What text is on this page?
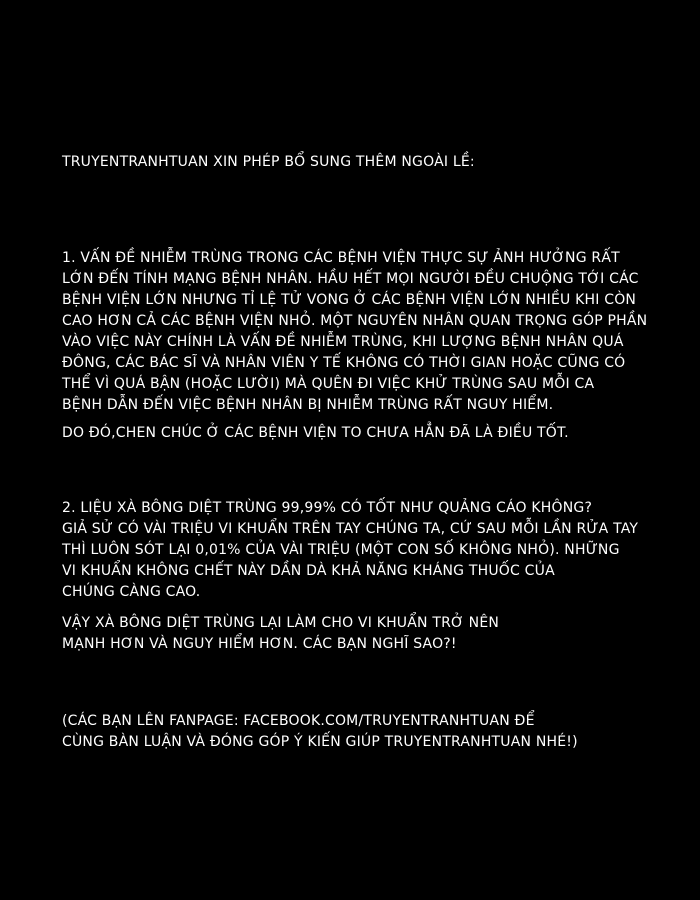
TRUYENTRANHTUAN XIN PHÉP BỔ SUNG THÊM NGOÀI LỀ:
1. VẤN ĐỀ NHIỄM TRÙNG TRONG CÁC BỆNH VIỆN THỰC SỰ ẢNH HƯỞNG RẤT
LỚN ĐẾN TÍNH MẠNG BỆNH NHÂN. HẦU HẾT MỌI NGƯỜI ĐỀU CHUỘNG TỚI CÁC
BỆNH VIỆN LỚN NHƯNG TỈ LỆ TỬ VONG Ở CÁC BỆNH VIỆN LỚN NHIỀU KHI CÒN
CAO HƠN CẢ CÁC BỆNH VIỆN NHỎ. MỘT NGUYÊN NHÂN QUAN TRỌNG GÓP PHẦN
VÀO VIỆC NÀY CHÍNH LÀ VẤN ĐỀ NHIỄM TRÙNG, KHI LƯỢNG BỆNH NHÂN QUÁ
ĐÔNG, CÁC BÁC SĨ VÀ NHÂN VIÊN Y TẾ KHÔNG CÓ THỜI GIAN HOẶC CŨNG CÓ
THỂ VÌ QUÁ BẬN (HOẶC LƯỜI) MÀ QUÊN ĐI VIỆC KHỬ TRÙNG SAU MỖI CA
BỆNH DẪN ĐẾN VIỆC BỆNH NHÂN BỊ NHIỄM TRÙNG RẤT NGUY HIỂM.
DO ĐÓ,CHEN CHÚC Ở CÁC BỆNH VIỆN TO CHƯA HẲN ĐÃ LÀ ĐIỀU TỐT.
2. LIỆU XÀ BÔNG DIỆT TRÙNG 99,99% CÓ TỐT NHƯ QUẢNG CÁO KHÔNG?
GIẢ SỬ CÓ VÀI TRIỆU VI KHUẨN TRÊN TAY CHÚNG TA, CỨ SAU MỖI LẦN RỬA TAY
THÌ LUÔN SÓT LẠI 0,01% CỦA VÀI TRIỆU (MỘT CON SỐ KHÔNG NHỎ). NHỮNG
VI KHUẨN KHÔNG CHẾT NÀY DẦN DÀ KHẢ NĂNG KHÁNG THUỐC CỦA
CHÚNG CÀNG CAO.
VẬY XÀ BÔNG DIỆT TRÙNG LẠI LÀM CHO VI KHUẨN TRỞ NÊN
MẠNH HƠN VÀ NGUY HIỂM HƠN. CÁC BẠN NGHĨ SAO?!
(CÁC BẠN LÊN FANPAGE: FACEBOOK.COM/TRUYENTRANHTUAN ĐỂ
CÙNG BÀN LUẬN VÀ ĐÓNG GÓP Ý KIẾN GIÚP TRUYENTRANHTUAN NHÉ!)
